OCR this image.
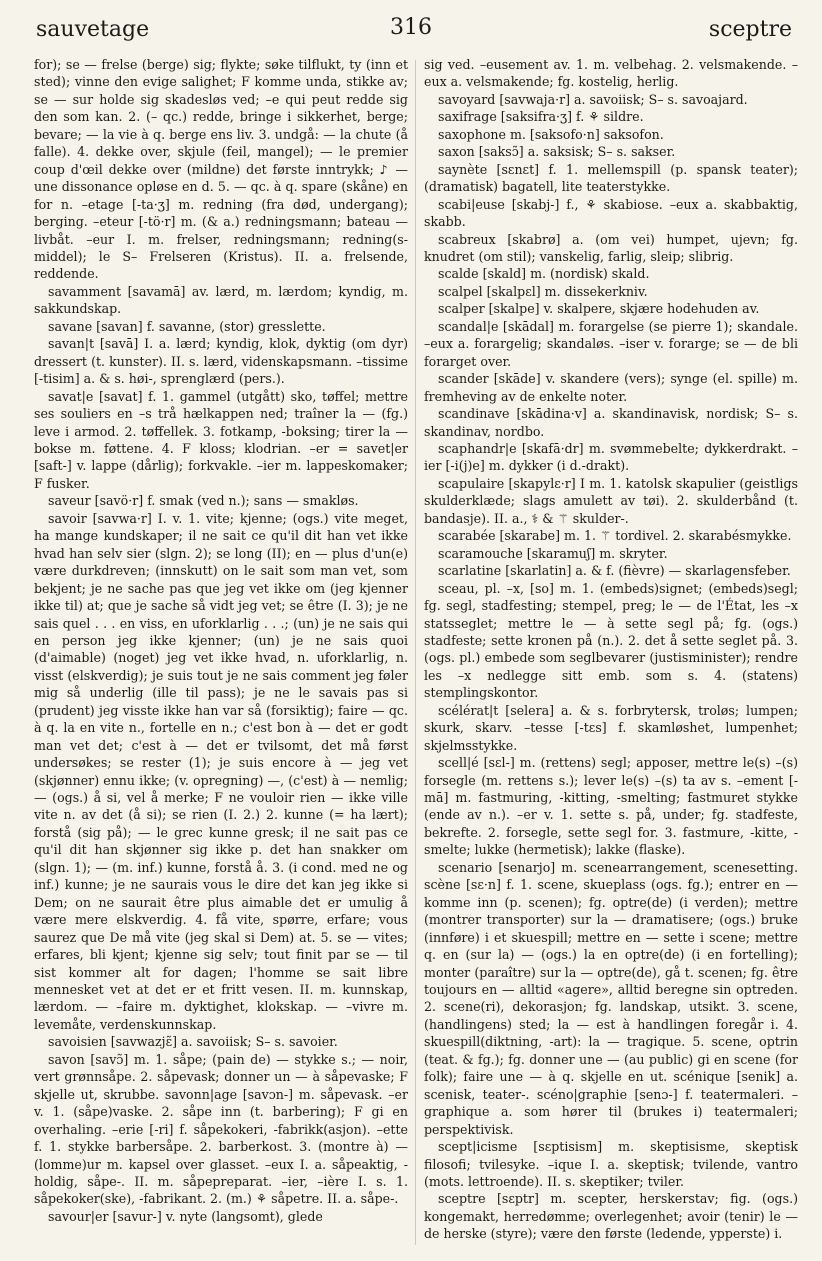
sauvetage	316	sceptre

for); se — frelse (berge) sig; flykte; søke tilflukt, ty (inn et sted); vinne den evige salighet; F komme unda, stikke av; se — sur holde sig skadesløs ved; –e qui peut redde sig den som kan. 2. (– qc.) redde, bringe i sikkerhet, berge; bevare; — la vie à q. berge ens liv. 3. undgå: — la chute (å falle). 4. dekke over, skjule (feil, mangel); — le premier coup d'œil dekke over (mildne) det første inntrykk; ♪ — une dissonance opløse en d. 5. — qc. à q. spare (skåne) en for n. –etage [-ta·ʒ] m. redning (fra død, undergang); berging. –eteur [-tö·r] m. (& a.) redningsmann; bateau — livbåt. –eur I. m. frelser, redningsmann; redning(s-middel); le S– Frelseren (Kristus). II. a. frelsende, reddende.

savamment [savamā] av. lærd, m. lærdom; kyndig, m. sakkundskap.

savane [savan] f. savanne, (stor) gresslette.

savan|t [savā] I. a. lærd; kyndig, klok, dyktig (om dyr) dressert (t. kunster). II. s. lærd, videnskapsmann. –tissime [-tisim] a. & s. høi-, sprenglærd (pers.).

savat|e [savat] f. 1. gammel (utgått) sko, tøffel; mettre ses souliers en –s trå hælkappen ned; traîner la — (fg.) leve i armod. 2. tøffellek. 3. fotkamp, -boksing; tirer la — bokse m. føttene. 4. F kloss; klodrian. –er = savet|er [saft-] v. lappe (dårlig); forkvakle. –ier m. lappeskomaker; F fusker.

saveur [savö·r] f. smak (ved n.); sans — smakløs.

savoir [savwa·r] I. v. 1. vite; kjenne; (ogs.) vite meget, ha mange kundskaper; il ne sait ce qu'il dit han vet ikke hvad han selv sier (slgn. 2); se long (II); en — plus d'un(e) være durkdreven; (innskutt) on le sait som man vet, som bekjent; je ne sache pas que jeg vet ikke om (jeg kjenner ikke til) at; que je sache så vidt jeg vet; se être (I. 3); je ne sais quel . . . en viss, en uforklarlig . . .; (un) je ne sais qui en person jeg ikke kjenner; (un) je ne sais quoi (d'aimable) (noget) jeg vet ikke hvad, n. uforklarlig, n. visst (elskverdig); je suis tout je ne sais comment jeg føler mig så underlig (ille til pass); je ne le savais pas si (prudent) jeg visste ikke han var så (forsiktig); faire — qc. à q. la en vite n., fortelle en n.; c'est bon à — det er godt man vet det; c'est à — det er tvilsomt, det må først undersøkes; se rester (1); je suis encore à — jeg vet (skjønner) ennu ikke; (v. opregning) —, (c'est) à — nemlig; — (ogs.) å si, vel å merke; F ne vouloir rien — ikke ville vite n. av det (å si); se rien (I. 2.) 2. kunne (= ha lært); forstå (sig på); — le grec kunne gresk; il ne sait pas ce qu'il dit han skjønner sig ikke p. det han snakker om (slgn. 1); — (m. inf.) kunne, forstå å. 3. (i cond. med ne og inf.) kunne; je ne saurais vous le dire det kan jeg ikke si Dem; on ne saurait être plus aimable det er umulig å være mere elskverdig. 4. få vite, spørre, erfare; vous saurez que De må vite (jeg skal si Dem) at. 5. se — vites; erfares, bli kjent; kjenne sig selv; tout finit par se — til sist kommer alt for dagen; l'homme se sait libre mennesket vet at det er et fritt vesen. II. m. kunnskap, lærdom. — –faire m. dyktighet, klokskap. — –vivre m. levemåte, verdenskunnskap.

savoisien [savwazjɛ̃] a. savoiisk; S– s. savoier.

savon [savɔ̃] m. 1. såpe; (pain de) — stykke s.; — noir, vert grønnsåpe. 2. såpevask; donner un — à såpevaske; F skjelle ut, skrubbe. savonn|age [savɔn-] m. såpevask. –er v. 1. (såpe)vaske. 2. såpe inn (t. barbering); F gi en overhaling. –erie [-ri] f. såpekokeri, -fabrikk(asjon). –ette f. 1. stykke barbersåpe. 2. barberkost. 3. (montre à) — (lomme)ur m. kapsel over glasset. –eux I. a. såpeaktig, -holdig, såpe-. II. m. såpepreparat. –ier, –ière I. s. 1. såpekoker(ske), -fabrikant. 2. (m.) ⚘ såpetre. II. a. såpe-.

savour|er [savur-] v. nyte (langsomt), glede

sig ved. –eusement av. 1. m. velbehag. 2. velsmakende. –eux a. velsmakende; fg. kostelig, herlig.

savoyard [savwaja·r] a. savoiisk; S– s. savoajard.

saxifrage [saksifra·ʒ] f. ⚘ sildre.

saxophone m. [saksofo·n] saksofon.

saxon [saksɔ̃] a. saksisk; S– s. sakser.

saynète [sɛnɛt] f. 1. mellemspill (p. spansk teater); (dramatisk) bagatell, lite teaterstykke.

scabi|euse [skabj-] f., ⚘ skabiose. –eux a. skabbaktig, skabb.

scabreux [skabrø] a. (om vei) humpet, ujevn; fg. knudret (om stil); vanskelig, farlig, sleip; slibrig.

scalde [skald] m. (nordisk) skald.

scalpel [skalpɛl] m. dissekerkniv.

scalper [skalpe] v. skalpere, skjære hodehuden av.

scandal|e [skādal] m. forargelse (se pierre 1); skandale. –eux a. forargelig; skandaløs. –iser v. forarge; se — de bli forarget over.

scander [skāde] v. skandere (vers); synge (el. spille) m. fremheving av de enkelte noter.

scandinave [skādina·v] a. skandinavisk, nordisk; S– s. skandinav, nordbo.

scaphandr|e [skafā·dr] m. svømmebelte; dykkerdrakt. –ier [-i(j)e] m. dykker (i d.-drakt).

scapulaire [skapylɛ·r] I m. 1. katolsk skapulier (geistligs skulderklæde; slags amulett av tøi). 2. skulderbånd (t. bandasje). II. a., ⚕ & ⚚ skulder-.

scarabée [skarabe] m. 1. ⚚ tordivel. 2. skarabésmykke.

scaramouche [skaramuʃ] m. skryter.

scarlatine [skarlatin] a. & f. (fièvre) — skarlagensfeber.

sceau, pl. –x, [so] m. 1. (embeds)signet; (embeds)segl; fg. segl, stadfesting; stempel, preg; le — de l'État, les –x statsseglet; mettre le — à sette segl på; fg. (ogs.) stadfeste; sette kronen på (n.). 2. det å sette seglet på. 3. (ogs. pl.) embede som seglbevarer (justisminister); rendre les –x nedlegge sitt emb. som s. 4. (statens) stemplingskontor.

scélérat|t [selera] a. & s. forbrytersk, troløs; lumpen; skurk, skarv. –tesse [-tɛs] f. skamløshet, lumpenhet; skjelmsstykke.

scell|é [sɛl-] m. (rettens) segl; apposer, mettre le(s) –(s) forsegle (m. rettens s.); lever le(s) –(s) ta av s. –ement [-mā] m. fastmuring, -kitting, -smelting; fastmuret stykke (ende av n.). –er v. 1. sette s. på, under; fg. stadfeste, bekrefte. 2. forsegle, sette segl for. 3. fastmure, -kitte, -smelte; lukke (hermetisk); lakke (flaske).

scenario [senarjo] m. scenearrangement, scenesetting. scène [sɛ·n] f. 1. scene, skueplass (ogs. fg.); entrer en — komme inn (p. scenen); fg. optre(de) (i verden); mettre (montrer transporter) sur la — dramatisere; (ogs.) bruke (innføre) i et skuespill; mettre en — sette i scene; mettre q. en (sur la) — (ogs.) la en optre(de) (i en fortelling); monter (paraître) sur la — optre(de), gå t. scenen; fg. être toujours en — alltid «agere», alltid beregne sin optreden. 2. scene(ri), dekorasjon; fg. landskap, utsikt. 3. scene, (handlingens) sted; la — est à handlingen foregår i. 4. skuespill(diktning, -art): la — tragique. 5. scene, optrin (teat. & fg.); fg. donner une — (au public) gi en scene (for folk); faire une — à q. skjelle en ut. scénique [senik] a. scenisk, teater-. scéno|graphie [senɔ-] f. teatermaleri. –graphique a. som hører til (brukes i) teatermaleri; perspektivisk.

scept|icisme [sɛptisism] m. skeptisisme, skeptisk filosofi; tvilesyke. –ique I. a. skeptisk; tvilende, vantro (mots. lettroende). II. s. skeptiker; tviler.

sceptre [sɛptr] m. scepter, herskerstav; fig. (ogs.) kongemakt, herredømme; overlegenhet; avoir (tenir) le — de herske (styre); være den første (ledende, ypperste) i.
